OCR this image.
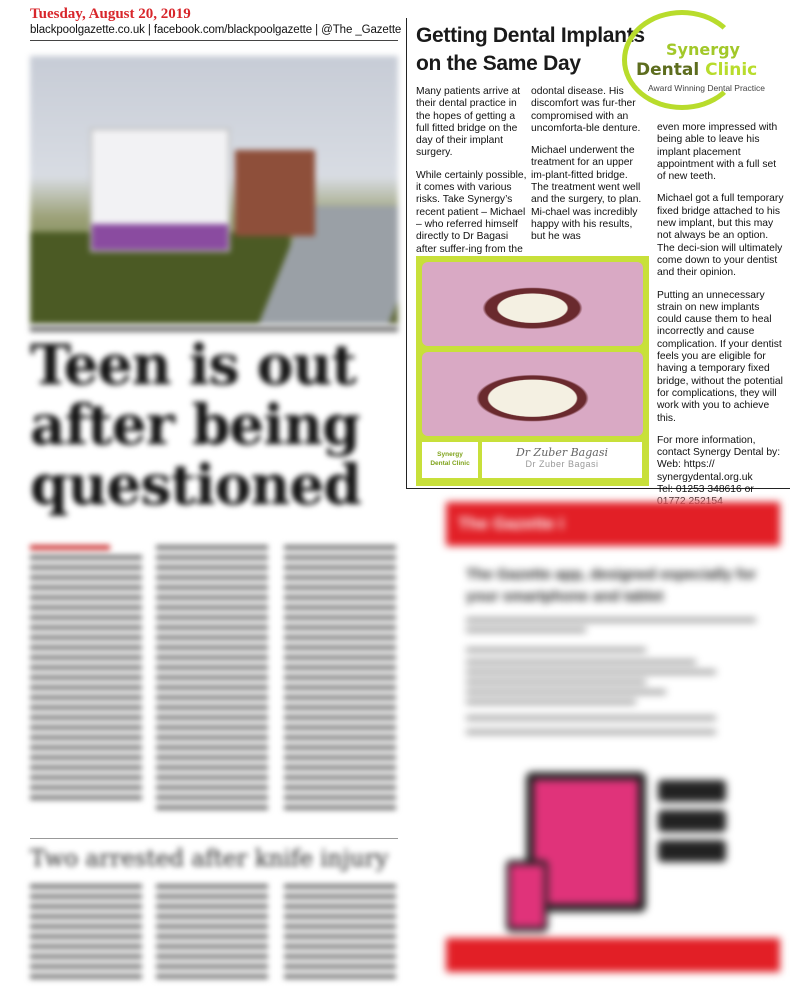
Tuesday, August 20, 2019
blackpoolgazette.co.uk | facebook.com/blackpoolgazette | @The _Gazette
Teen is out after being questioned
Two arrested after knife injury
Getting Dental Implants on the Same Day
Synergy
Dental Clinic
Award Winning Dental Practice

Many patients arrive at their dental practice in the hopes of getting a full fitted bridge on the day of their implant surgery.

While certainly possible, it comes with various risks. Take Synergy’s recent patient – Michael – who referred himself directly to Dr Bagasi after suffer-ing from the

odontal disease. His discomfort was fur-ther compromised with an uncomforta-ble denture.

Michael underwent the treatment for an upper im-plant-fitted bridge. The treatment went well and the surgery, to plan. Mi-chael was incredibly happy with his results, but he was

even more impressed with being able to leave his implant placement appointment with a full set of new teeth.

Michael got a full temporary fixed bridge attached to his new implant, but this may not always be an option. The deci-sion will ultimately come down to your dentist and their opinion.

Putting an unnecessary strain on new implants could cause them to heal incorrectly and cause complication. If your dentist feels you are eligible for having a temporary fixed bridge, without the potential for complications, they will work with you to achieve this.

For more information, contact Synergy Dental by:

Web: https://
synergydental.org.uk
Tel: 01253 348616 or
Synergy
Dental Clinic
Dr Zuber Bagasi
Dr Zuber Bagasi
The Gazette i
The Gazette app, designed especially for your smartphone and tablet
